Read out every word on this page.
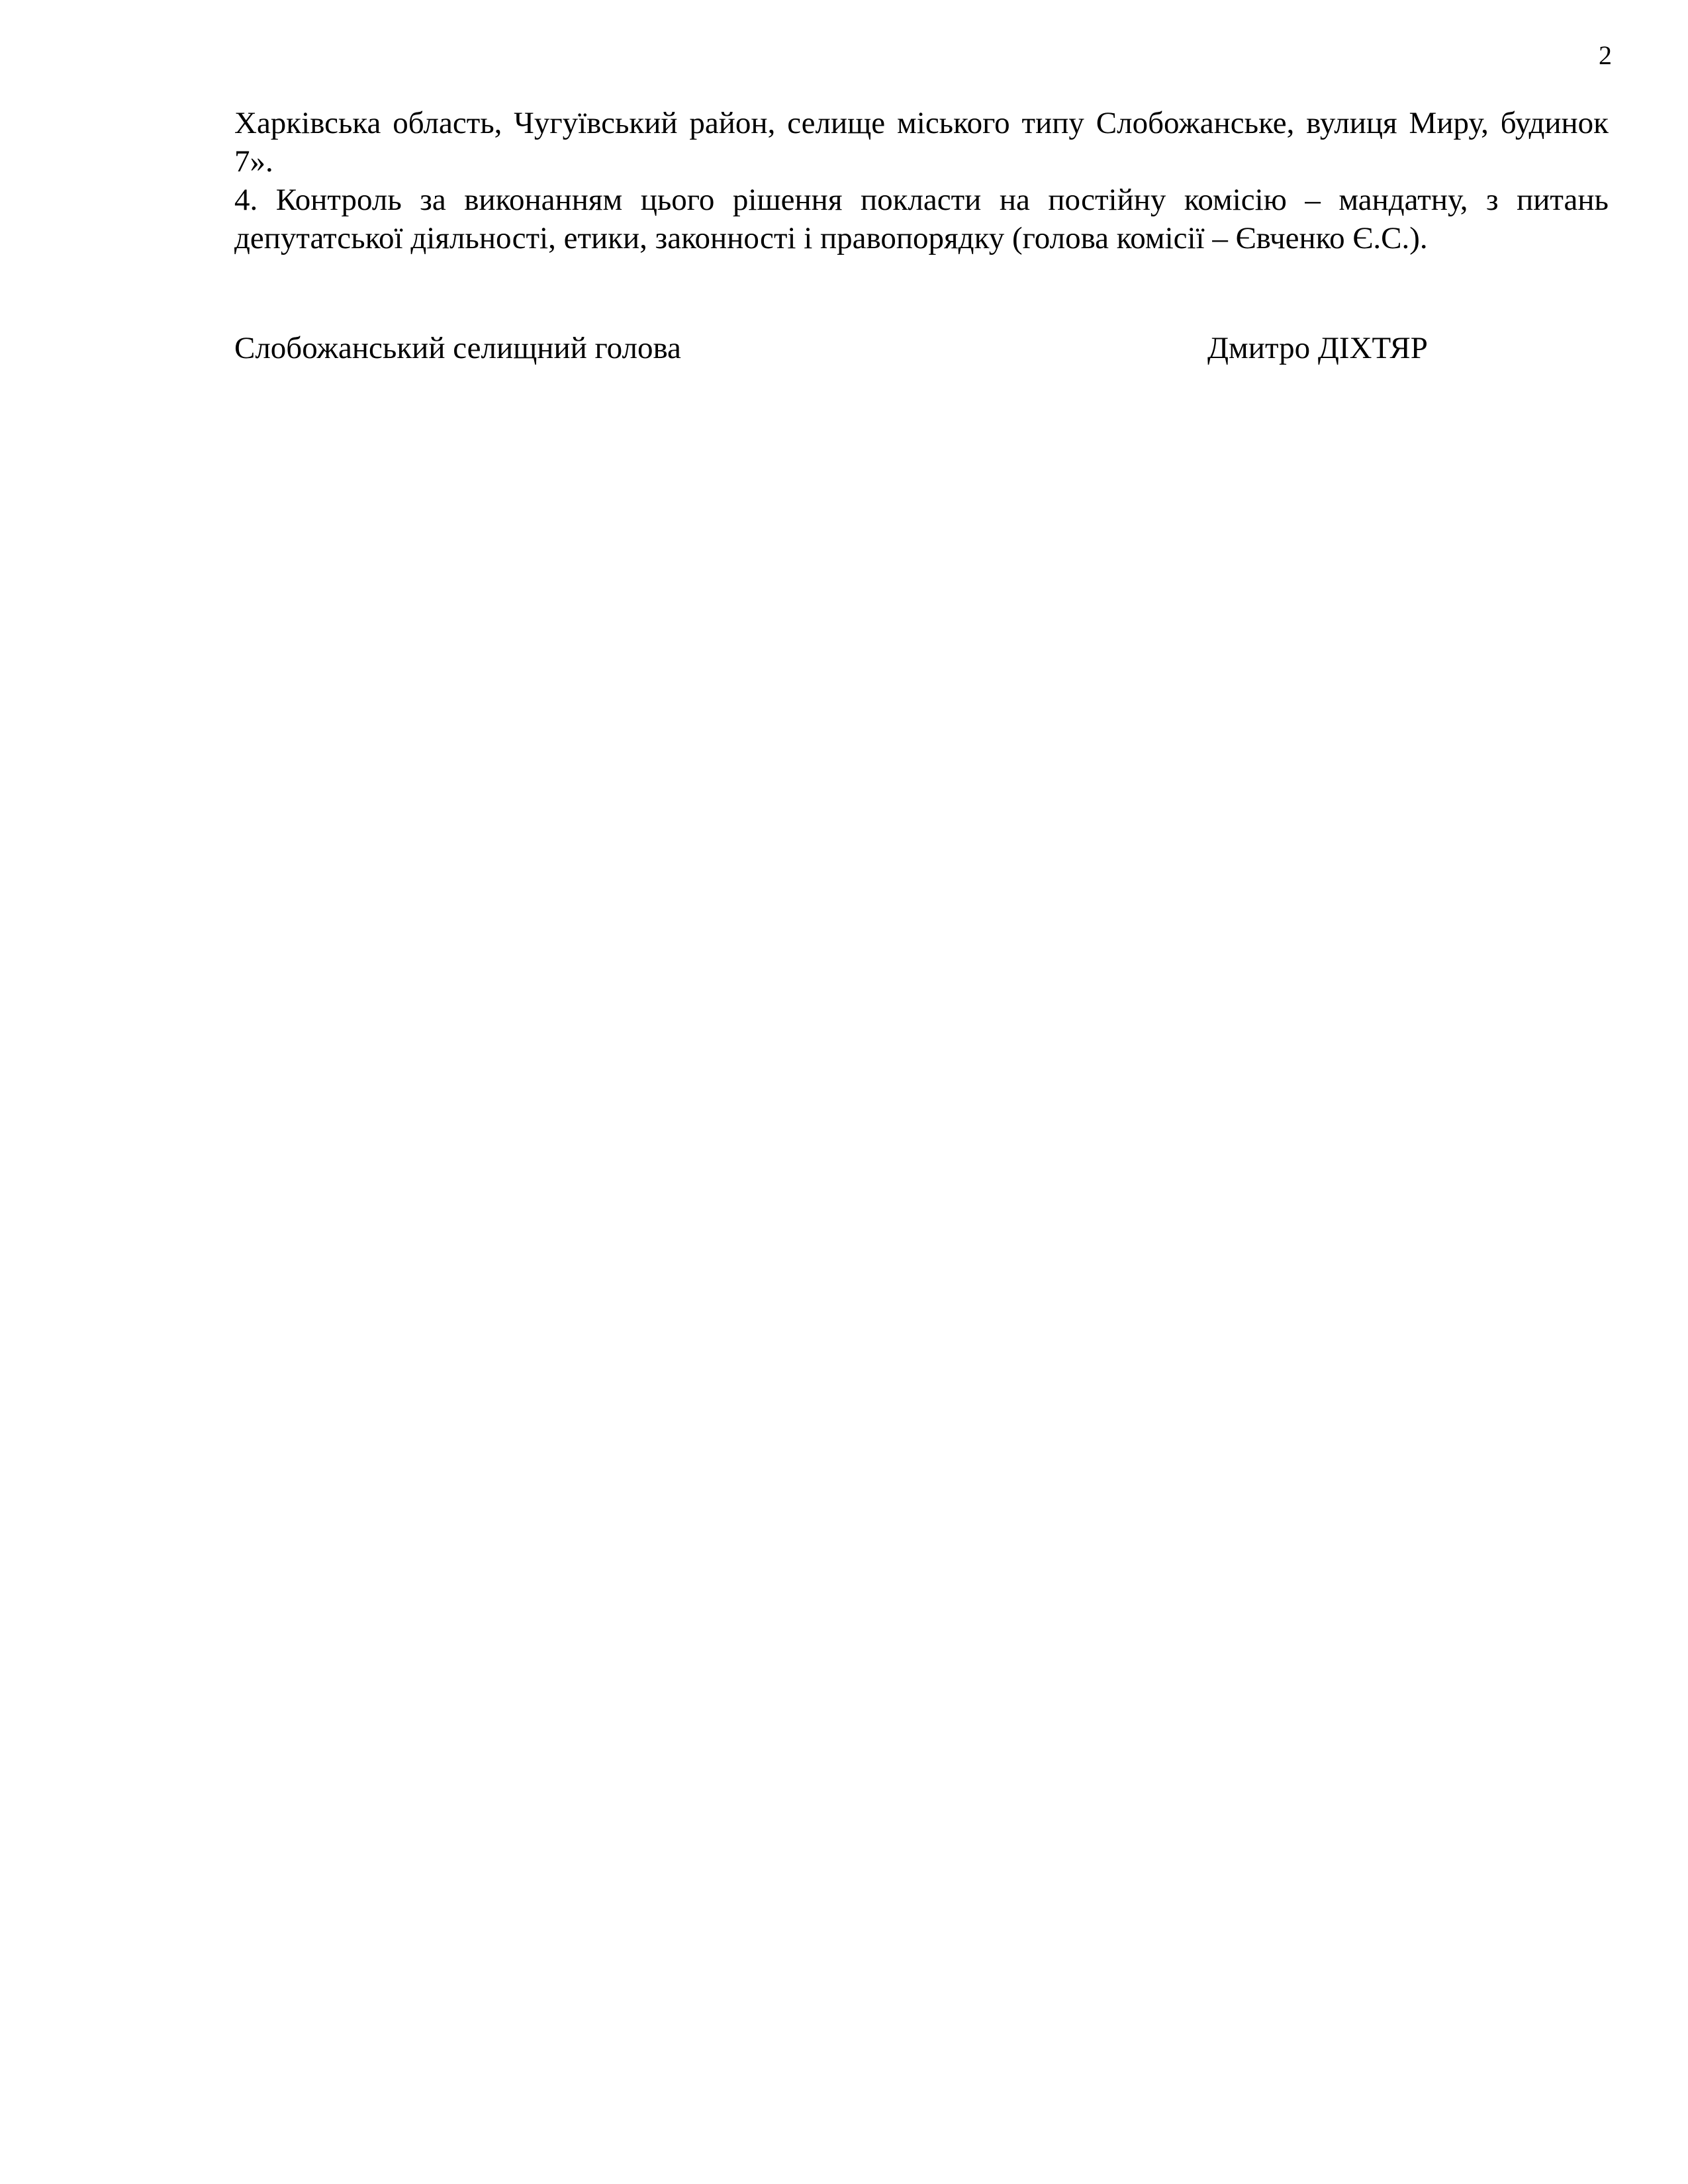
2

Харківська область, Чугуївський район, селище міського типу Слобожанське, вулиця Миру, будинок 7».

4. Контроль за виконанням цього рішення покласти на постійну комісію – мандатну, з питань депутатської діяльності, етики, законності і правопорядку (голова комісії – Євченко Є.С.).

Слобожанський селищний голова	Дмитро ДІХТЯР
